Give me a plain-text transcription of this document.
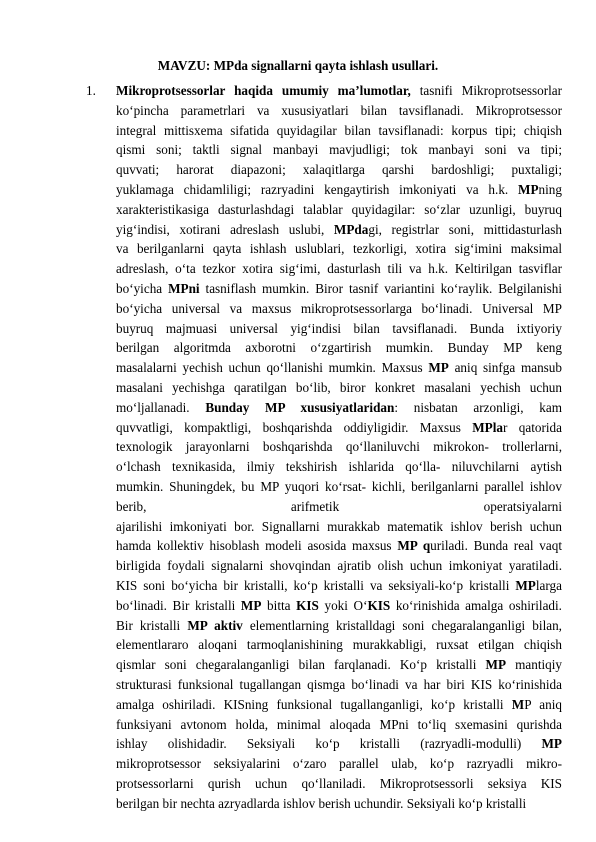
MAVZU: MPda signallarni qayta ishlash usullari.
1. Mikroprotsessorlar haqida umumiy ma’lumotlar, tasnifi Mikroprotsessorlar
ko‘pincha parametrlari va xususiyatlari bilan tavsiflanadi. Mikroprotsessor
integral mittisxema sifatida quyidagilar bilan tavsiflanadi: korpus tipi; chiqish
qismi soni; taktli signal manbayi mavjudligi; tok manbayi soni va tipi;
quvvati; harorat diapazoni; xalaqitlarga qarshi bardoshligi; puxtaligi;
yuklamaga chidamliligi; razryadini kengaytirish imkoniyati va h.k. MPning
xarakteristikasiga dasturlashdagi talablar quyidagilar: so‘zlar uzunligi, buyruq
yig‘indisi, xotirani adreslash uslubi, MPdagi, registrlar soni, mittidasturlash
va berilganlarni qayta ishlash uslublari, tezkorligi, xotira sig‘imini maksimal
adreslash, o‘ta tezkor xotira sig‘imi, dasturlash tili va h.k. Keltirilgan tasviflar
bo‘yicha MPni tasniflash mumkin. Biror tasnif variantini ko‘raylik. Belgilanishi
bo‘yicha universal va maxsus mikroprotsessorlarga bo‘linadi. Universal MP
buyruq majmuasi universal yig‘indisi bilan tavsiflanadi. Bunda ixtiyoriy
berilgan algoritmda axborotni o‘zgartirish mumkin. Bunday MP keng
masalalarni yechish uchun qo‘llanishi mumkin. Maxsus MP aniq sinfga mansub
masalani yechishga qaratilgan bo‘lib, biror konkret masalani yechish uchun
mo‘ljallanadi. Bunday MP xususiyatlaridan: nisbatan arzonligi, kam
quvvatligi, kompaktligi, boshqarishda oddiyligidir. Maxsus MPlar qatorida
texnologik jarayonlarni boshqarishda qo‘llaniluvchi mikrokon- trollerlarni,
o‘lchash texnikasida, ilmiy tekshirish ishlarida qo‘lla- niluvchilarni aytish
mumkin. Shuningdek, bu MP yuqori ko‘rsat- kichli, berilganlarni parallel ishlov
berib, arifmetik operatsiyalarni
ajarilishi imkoniyati bor. Signallarni murakkab matematik ishlov berish uchun
hamda kollektiv hisoblash modeli asosida maxsus MP quriladi. Bunda real vaqt
birligida foydali signalarni shovqindan ajratib olish uchun imkoniyat yaratiladi.
KIS soni bo‘yicha bir kristalli, ko‘p kristalli va seksiyali-ko‘p kristalli MPlarga
bo‘linadi. Bir kristalli MP bitta KIS yoki O‘KIS ko‘rinishida amalga oshiriladi.
Bir kristalli MP aktiv elementlarning kristalldagi soni chegaralanganligi bilan,
elementlararo aloqani tarmoqlanishining murakkabligi, ruxsat etilgan chiqish
qismlar soni chegaralanganligi bilan farqlanadi. Ko‘p kristalli MP mantiqiy
strukturasi funksional tugallangan qismga bo‘linadi va har biri KIS ko‘rinishida
amalga oshiriladi. KISning funksional tugallanganligi, ko‘p kristalli MP aniq
funksiyani avtonom holda, minimal aloqada MPni to‘liq sxemasini qurishda
ishlay olishidadir. Seksiyali ko‘p kristalli (razryadli-modulli) MP
mikroprotsessor seksiyalarini o‘zaro parallel ulab, ko‘p razryadli mikro-
protsessorlarni qurish uchun qo‘llaniladi. Mikroprotsessorli seksiya KIS
berilgan bir nechta azryadlarda ishlov berish uchundir. Seksiyali ko‘p kristalli
